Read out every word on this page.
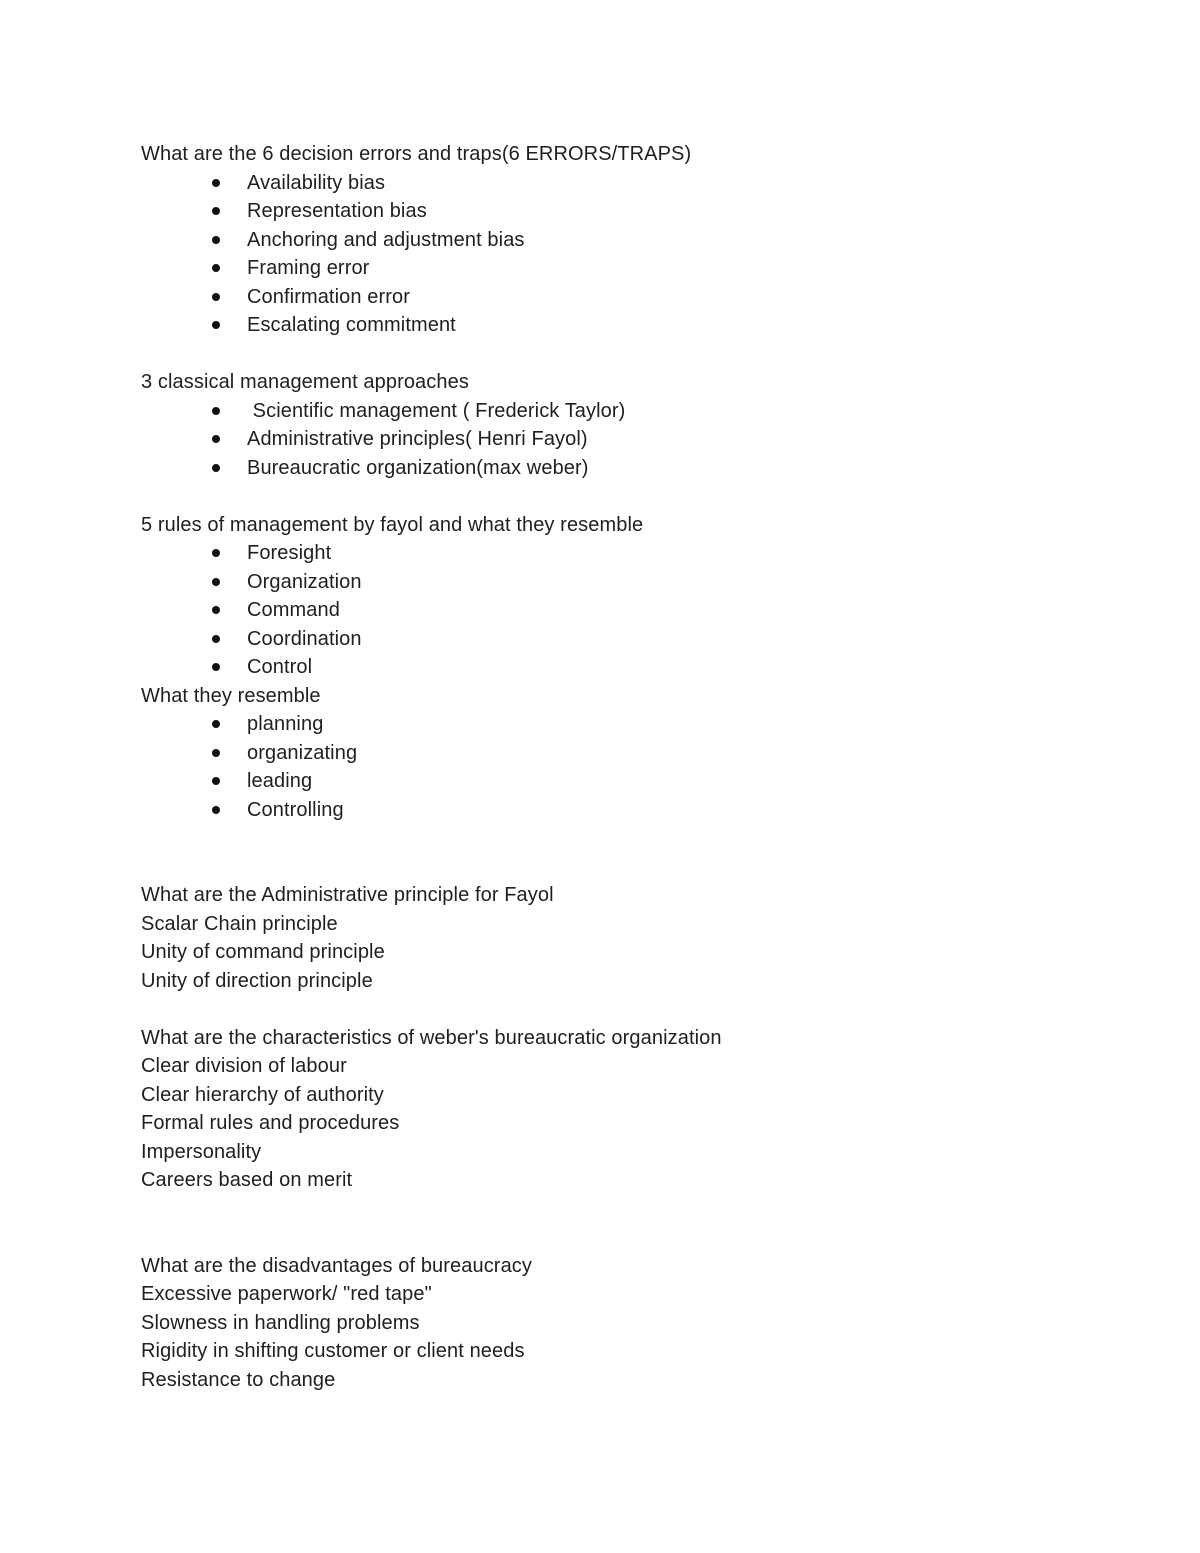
What are the 6 decision errors and traps(6 ERRORS/TRAPS)
Availability bias
Representation bias
Anchoring and adjustment bias
Framing error
Confirmation error
Escalating commitment
3 classical management approaches
Scientific management ( Frederick Taylor)
Administrative principles( Henri Fayol)
Bureaucratic organization(max weber)
5 rules of management by fayol and what they resemble
Foresight
Organization
Command
Coordination
Control
What they resemble
planning
organizating
leading
Controlling
What are the Administrative principle for Fayol
Scalar Chain principle
Unity of command principle
Unity of direction principle
What are the characteristics of weber's bureaucratic organization
Clear division of labour
Clear hierarchy of authority
Formal rules and procedures
Impersonality
Careers based on merit
What are the disadvantages of bureaucracy
Excessive paperwork/ "red tape"
Slowness in handling problems
Rigidity in shifting customer or client needs
Resistance to change
